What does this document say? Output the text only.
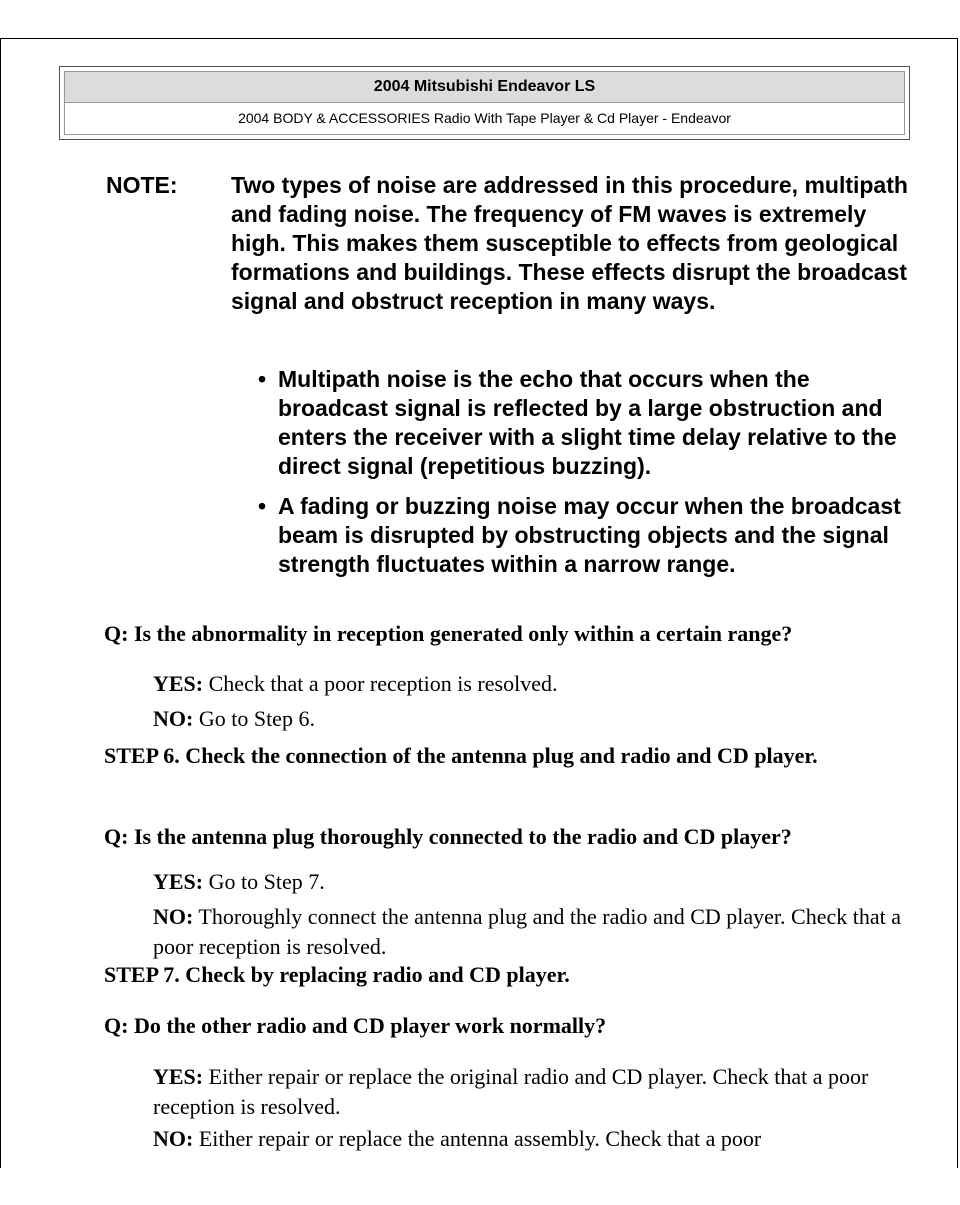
2004 Mitsubishi Endeavor LS
2004 BODY & ACCESSORIES Radio With Tape Player & Cd Player - Endeavor
NOTE: Two types of noise are addressed in this procedure, multipath and fading noise. The frequency of FM waves is extremely high. This makes them susceptible to effects from geological formations and buildings. These effects disrupt the broadcast signal and obstruct reception in many ways.
• Multipath noise is the echo that occurs when the broadcast signal is reflected by a large obstruction and enters the receiver with a slight time delay relative to the direct signal (repetitious buzzing).
• A fading or buzzing noise may occur when the broadcast beam is disrupted by obstructing objects and the signal strength fluctuates within a narrow range.
Q: Is the abnormality in reception generated only within a certain range?
YES: Check that a poor reception is resolved.
NO: Go to Step 6.
STEP 6. Check the connection of the antenna plug and radio and CD player.
Q: Is the antenna plug thoroughly connected to the radio and CD player?
YES: Go to Step 7.
NO: Thoroughly connect the antenna plug and the radio and CD player. Check that a poor reception is resolved.
STEP 7. Check by replacing radio and CD player.
Q: Do the other radio and CD player work normally?
YES: Either repair or replace the original radio and CD player. Check that a poor reception is resolved.
NO: Either repair or replace the antenna assembly. Check that a poor
